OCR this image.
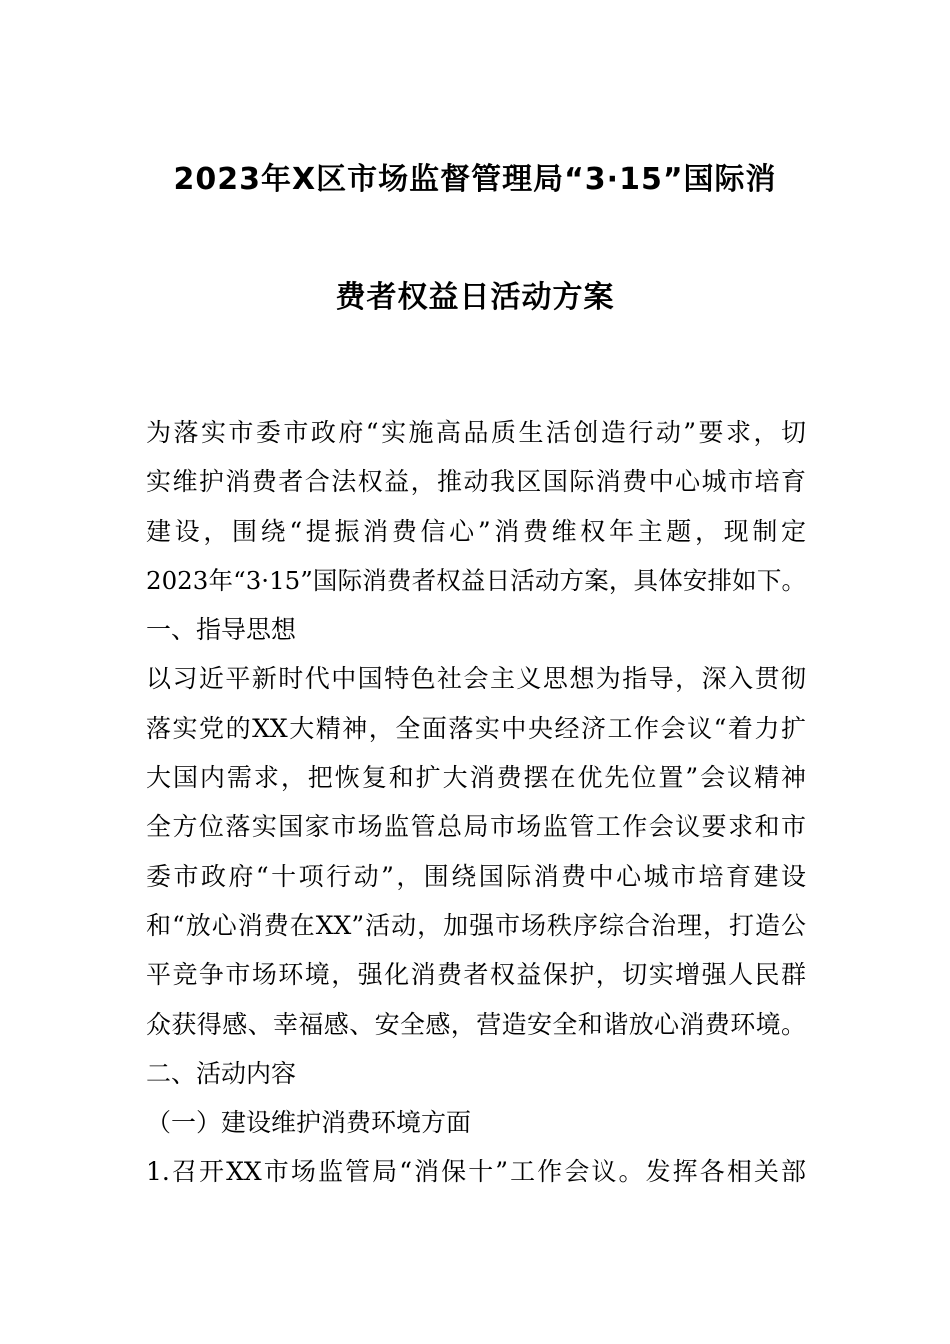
2023年X区市场监督管理局“3·15”国际消
费者权益日活动方案
为落实市委市政府“实施高品质生活创造行动”要求，切
实维护消费者合法权益，推动我区国际消费中心城市培育
建设，围绕“提振消费信心”消费维权年主题，现制定
2023年“3·15”国际消费者权益日活动方案，具体安排如下。
一、指导思想
以习近平新时代中国特色社会主义思想为指导，深入贯彻
落实党的XX大精神，全面落实中央经济工作会议“着力扩
大国内需求，把恢复和扩大消费摆在优先位置”会议精神
全方位落实国家市场监管总局市场监管工作会议要求和市
委市政府“十项行动”，围绕国际消费中心城市培育建设
和“放心消费在XX”活动，加强市场秩序综合治理，打造公
平竞争市场环境，强化消费者权益保护，切实增强人民群
众获得感、幸福感、安全感，营造安全和谐放心消费环境。
二、活动内容
（一）建设维护消费环境方面
1.召开XX市场监管局“消保十”工作会议。发挥各相关部
